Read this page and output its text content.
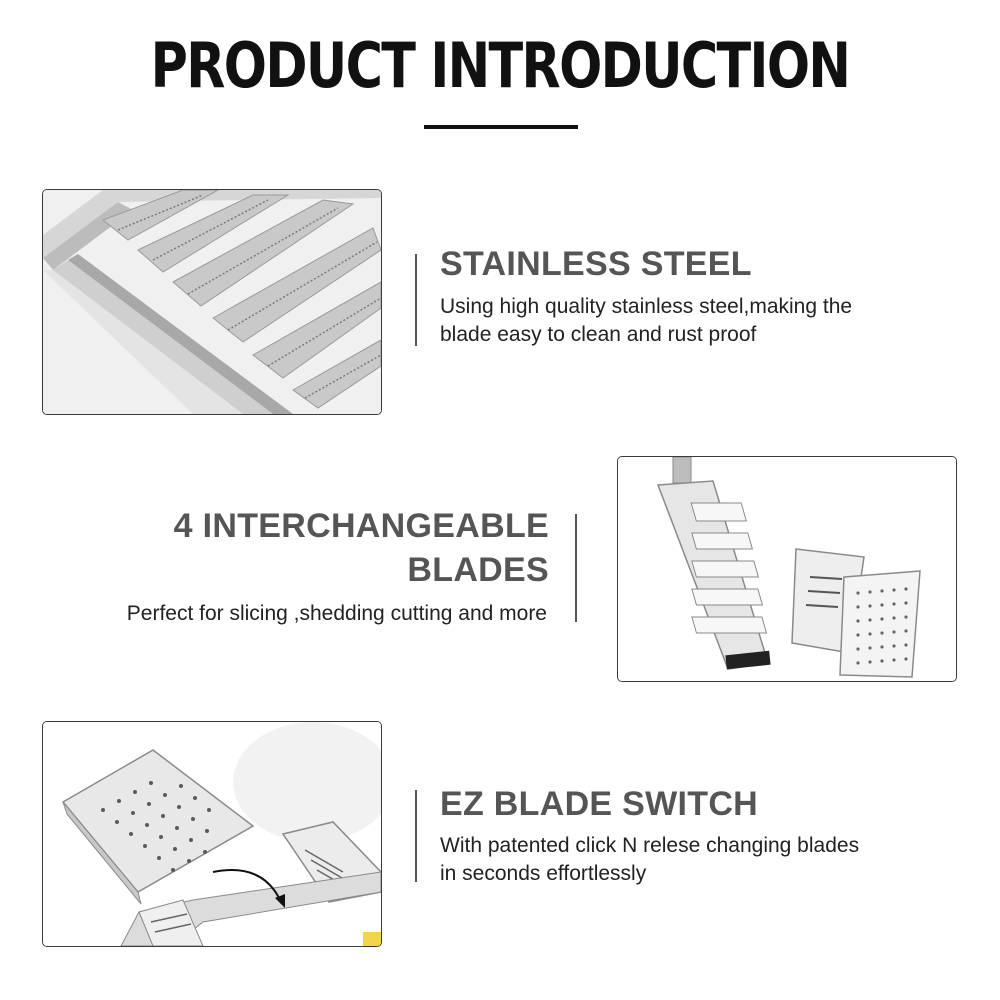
PRODUCT INTRODUCTION
STAINLESS STEEL
Using high quality stainless steel,making the
blade easy to clean and rust proof
4 INTERCHANGEABLE
BLADES
Perfect for slicing ,shedding cutting and more
EZ BLADE SWITCH
With patented click N relese changing blades
in seconds effortlessly
